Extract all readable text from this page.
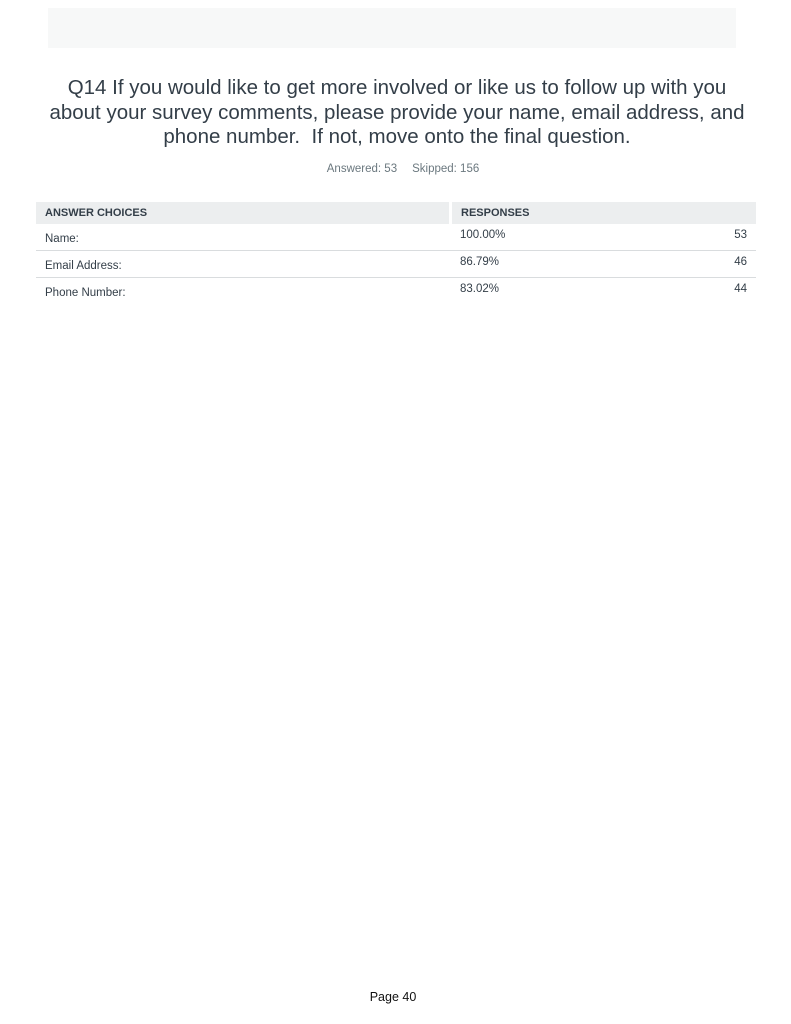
Q14 If you would like to get more involved or like us to follow up with you about your survey comments, please provide your name, email address, and phone number.  If not, move onto the final question.
Answered: 53 Skipped: 156
ANSWER CHOICES	RESPONSES
Name:	100.00%	53
Email Address:	86.79%	46
Phone Number:	83.02%	44
Page 40
